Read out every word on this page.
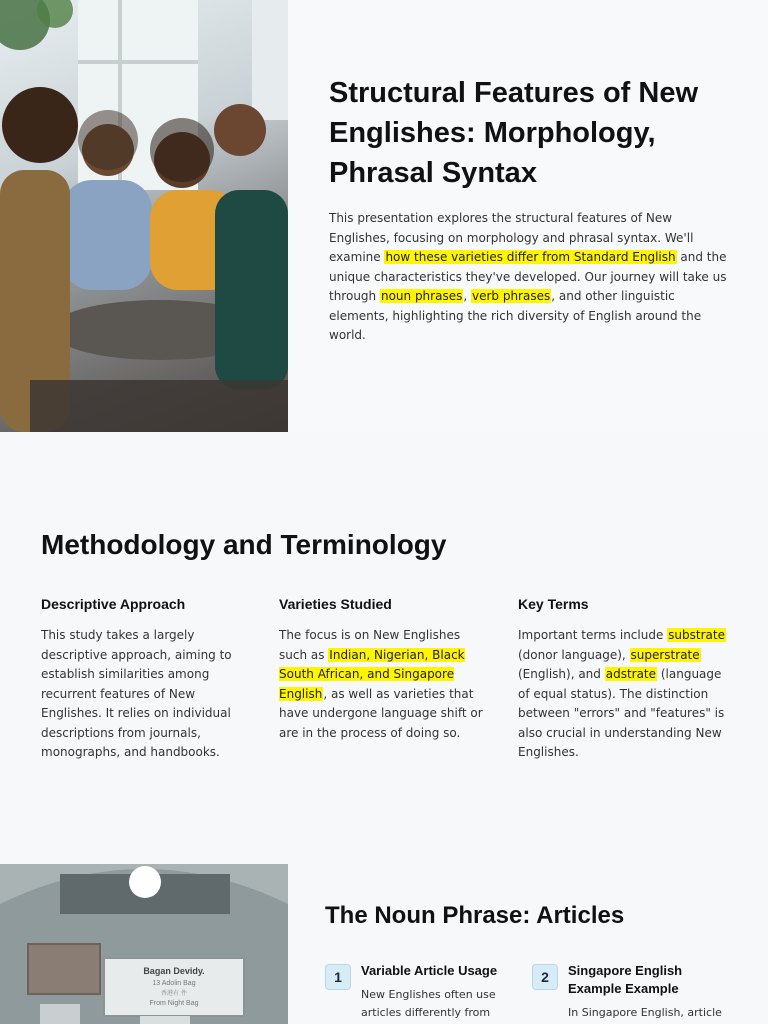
Structural Features of New Englishes: Morphology, Phrasal Syntax

This presentation explores the structural features of New Englishes, focusing on morphology and phrasal syntax. We'll examine how these varieties differ from Standard English and the unique characteristics they've developed. Our journey will take us through noun phrases, verb phrases, and other linguistic elements, highlighting the rich diversity of English around the world.

Methodology and Terminology
Descriptive Approach

This study takes a largely descriptive approach, aiming to establish similarities among recurrent features of New Englishes. It relies on individual descriptions from journals, monographs, and handbooks.

Varieties Studied

The focus is on New Englishes such as Indian, Nigerian, Black South African, and Singapore English, as well as varieties that have undergone language shift or are in the process of doing so.

Key Terms

Important terms include substrate (donor language), superstrate (English), and adstrate (language of equal status). The distinction between "errors" and "features" is also crucial in understanding New Englishes.

Bagan Devidy.
13 Adolin Bag
香港有 件
From Night Bag
The Noun Phrase: Articles
1	Variable Article Usage

New Englishes often use articles differently from

2	Singapore English Example Example

In Singapore English, article
